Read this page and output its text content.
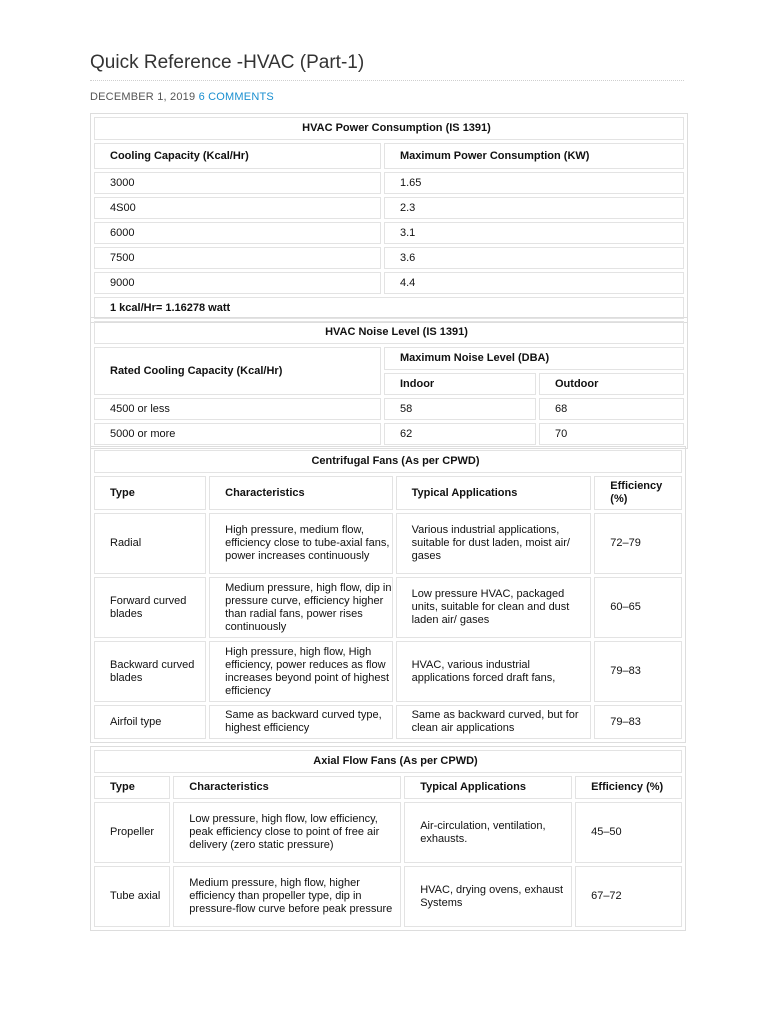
Quick Reference -HVAC (Part-1)
DECEMBER 1, 2019 6 COMMENTS
HVAC Power Consumption (IS 1391)	
Cooling Capacity (Kcal/Hr)	Maximum Power Consumption (KW)
3000	1.65
4S00	2.3
6000	3.1
7500	3.6
9000	4.4
1 kcal/Hr= 1.16278 watt	
HVAC Noise Level (IS 1391)		
Rated Cooling Capacity (Kcal/Hr)	Maximum Noise Level (DBA)	
	Indoor	Outdoor
4500 or less	58	68
5000 or more	62	70
Centrifugal Fans (As per CPWD)			
Type	Characteristics	Typical Applications	Efficiency (%)
Radial	High pressure, medium flow, efficiency close to tube-axial fans, power increases continuously	Various industrial applications, suitable for dust laden, moist air/ gases	72–79
Forward curved blades	Medium pressure, high flow, dip in pressure curve, efficiency higher than radial fans, power rises continuously	Low pressure HVAC, packaged units, suitable for clean and dust laden air/ gases	60–65
Backward curved blades	High pressure, high flow, High efficiency, power reduces as flow increases beyond point of highest efficiency	HVAC, various industrial applications forced draft fans,	79–83
Airfoil type	Same as backward curved type, highest efficiency	Same as backward curved, but for clean air applications	79–83
Axial Flow Fans (As per CPWD)			
Type	Characteristics	Typical Applications	Efficiency (%)
Propeller	Low pressure, high flow, low efficiency, peak efficiency close to point of free air delivery (zero static pressure)	Air-circulation, ventilation, exhausts.	45–50
Tube axial	Medium pressure, high flow, higher efficiency than propeller type, dip in pressure-flow curve before peak pressure	HVAC, drying ovens, exhaust Systems	67–72
